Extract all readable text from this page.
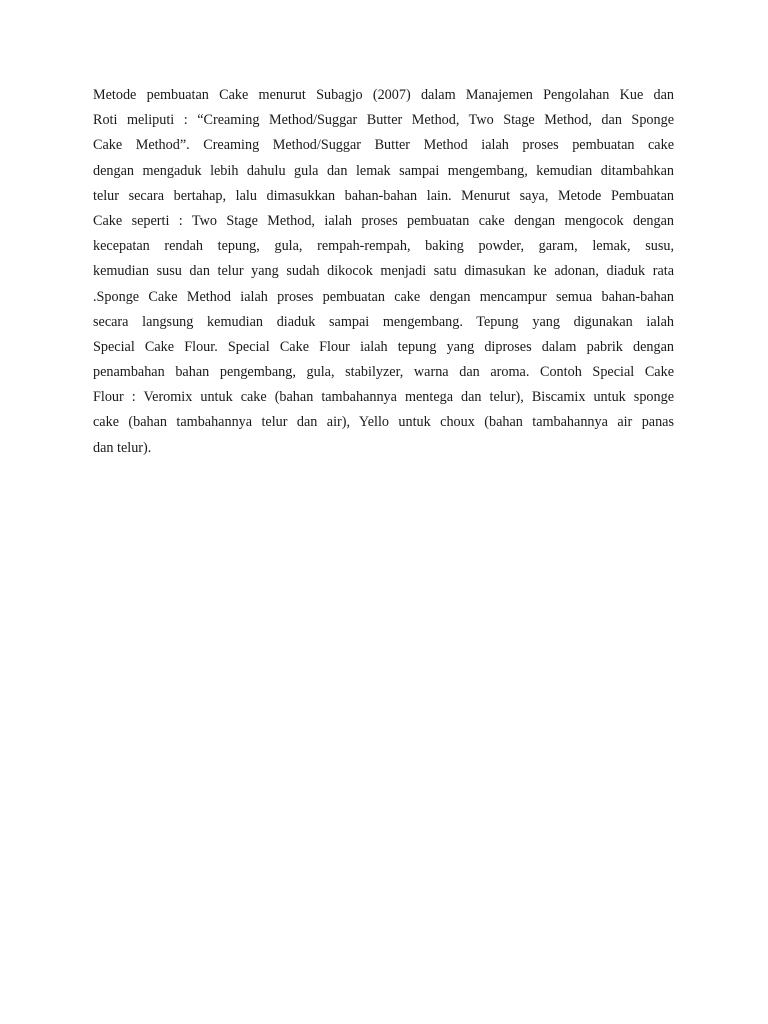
Metode pembuatan Cake menurut Subagjo (2007) dalam Manajemen Pengolahan Kue dan
Roti meliputi : “Creaming Method/Suggar Butter Method, Two Stage Method, dan Sponge
Cake Method”. Creaming Method/Suggar Butter Method ialah proses pembuatan cake
dengan mengaduk lebih dahulu gula dan lemak sampai mengembang, kemudian ditambahkan
telur secara bertahap, lalu dimasukkan bahan-bahan lain. Menurut saya, Metode Pembuatan
Cake seperti : Two Stage Method, ialah proses pembuatan cake dengan mengocok dengan
kecepatan rendah tepung, gula, rempah-rempah, baking powder, garam, lemak, susu,
kemudian susu dan telur yang sudah dikocok menjadi satu dimasukan ke adonan, diaduk rata
.Sponge Cake Method ialah proses pembuatan cake dengan mencampur semua bahan-bahan
secara langsung kemudian diaduk sampai mengembang. Tepung yang digunakan ialah
Special Cake Flour. Special Cake Flour ialah tepung yang diproses dalam pabrik dengan
penambahan bahan pengembang, gula, stabilyzer, warna dan aroma. Contoh Special Cake
Flour : Veromix untuk cake (bahan tambahannya mentega dan telur), Biscamix untuk sponge
cake (bahan tambahannya telur dan air), Yello untuk choux (bahan tambahannya air panas
dan telur).
